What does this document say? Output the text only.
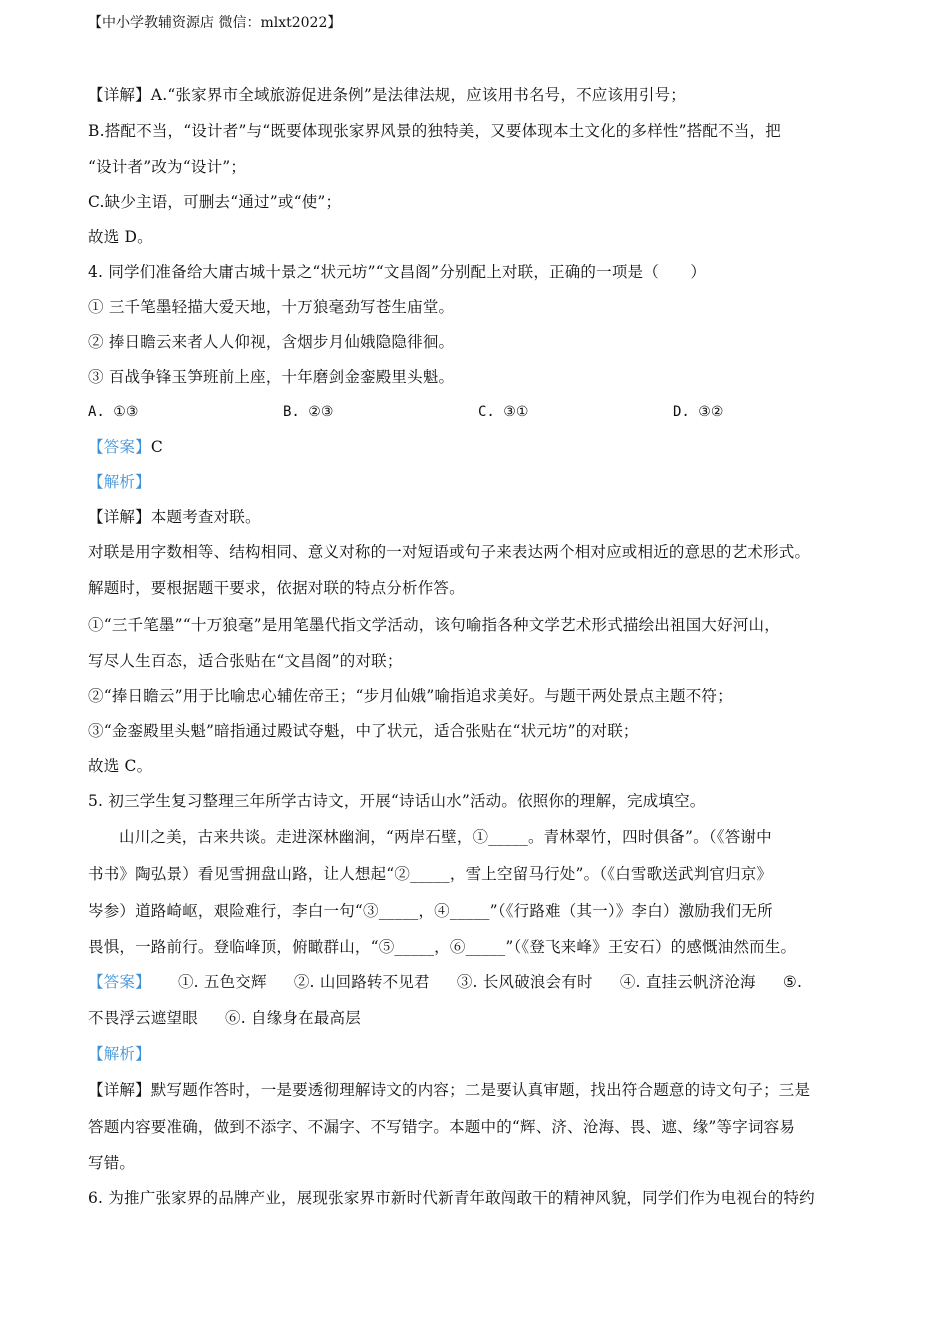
【中小学教辅资源店 微信：mlxt2022】
【详解】A.“张家界市全域旅游促进条例”是法律法规，应该用书名号，不应该用引号；
B.搭配不当，“设计者”与“既要体现张家界风景的独特美，又要体现本土文化的多样性”搭配不当，把
“设计者”改为“设计”；
C.缺少主语，可删去“通过”或“使”；
故选 D。
4. 同学们准备给大庸古城十景之“状元坊”“文昌阁”分别配上对联，正确的一项是（　　）
① 三千笔墨轻描大爱天地，十万狼毫劲写苍生庙堂。
② 捧日瞻云来者人人仰视，含烟步月仙娥隐隐徘徊。
③ 百战争锋玉笋班前上座，十年磨剑金銮殿里头魁。
A. ①③	B. ②③	C. ③①	D. ③②
【答案】C
【解析】
【详解】本题考查对联。
对联是用字数相等、结构相同、意义对称的一对短语或句子来表达两个相对应或相近的意思的艺术形式。
解题时，要根据题干要求，依据对联的特点分析作答。
①“三千笔墨”“十万狼毫”是用笔墨代指文学活动，该句喻指各种文学艺术形式描绘出祖国大好河山，
写尽人生百态，适合张贴在“文昌阁”的对联；
②“捧日瞻云”用于比喻忠心辅佐帝王；“步月仙娥”喻指追求美好。与题干两处景点主题不符；
③“金銮殿里头魁”暗指通过殿试夺魁，中了状元，适合张贴在“状元坊”的对联；
故选 C。
5. 初三学生复习整理三年所学古诗文，开展“诗话山水”活动。依照你的理解，完成填空。
山川之美，古来共谈。走进深林幽涧，“两岸石壁，①_____。青林翠竹，四时俱备”。（《答谢中
书书》陶弘景）看见雪拥盘山路，让人想起“②_____，雪上空留马行处”。（《白雪歌送武判官归京》
岑参）道路崎岖，艰险难行，李白一句“③_____，④_____”（《行路难（其一）》李白）激励我们无所
畏惧，一路前行。登临峰顶，俯瞰群山，“⑤_____，⑥_____”（《登飞来峰》王安石）的感慨油然而生。
【答案】 ①. 五色交辉 ②. 山回路转不见君 ③. 长风破浪会有时 ④. 直挂云帆济沧海 ⑤.
不畏浮云遮望眼 ⑥. 自缘身在最高层
【解析】
【详解】默写题作答时，一是要透彻理解诗文的内容；二是要认真审题，找出符合题意的诗文句子；三是
答题内容要准确，做到不添字、不漏字、不写错字。本题中的“辉、济、沧海、畏、遮、缘”等字词容易
写错。
6. 为推广张家界的品牌产业，展现张家界市新时代新青年敢闯敢干的精神风貌，同学们作为电视台的特约
